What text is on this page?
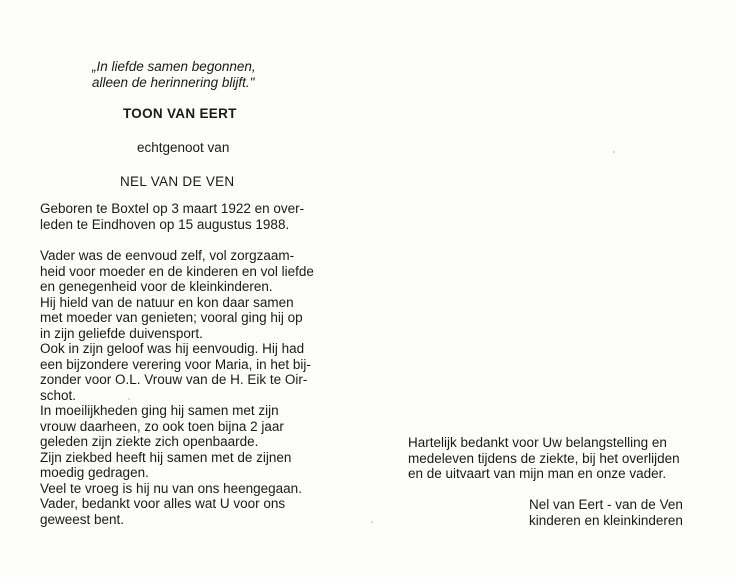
„In liefde samen begonnen,
alleen de herinnering blijft."
TOON VAN EERT
echtgenoot van
NEL VAN DE VEN
Geboren te Boxtel op 3 maart 1922 en over-
leden te Eindhoven op 15 augustus 1988.
Vader was de eenvoud zelf, vol zorgzaam-
heid voor moeder en de kinderen en vol liefde
en genegenheid voor de kleinkinderen.
Hij hield van de natuur en kon daar samen
met moeder van genieten; vooral ging hij op
in zijn geliefde duivensport.
Ook in zijn geloof was hij eenvoudig. Hij had
een bijzondere verering voor Maria, in het bij-
zonder voor O.L. Vrouw van de H. Eik te Oir-
schot.
In moeilijkheden ging hij samen met zijn
vrouw daarheen, zo ook toen bijna 2 jaar
geleden zijn ziekte zich openbaarde.
Zijn ziekbed heeft hij samen met de zijnen
moedig gedragen.
Veel te vroeg is hij nu van ons heengegaan.
Vader, bedankt voor alles wat U voor ons
geweest bent.
Hartelijk bedankt voor Uw belangstelling en
medeleven tijdens de ziekte, bij het overlijden
en de uitvaart van mijn man en onze vader.
Nel van Eert - van de Ven
kinderen en kleinkinderen
